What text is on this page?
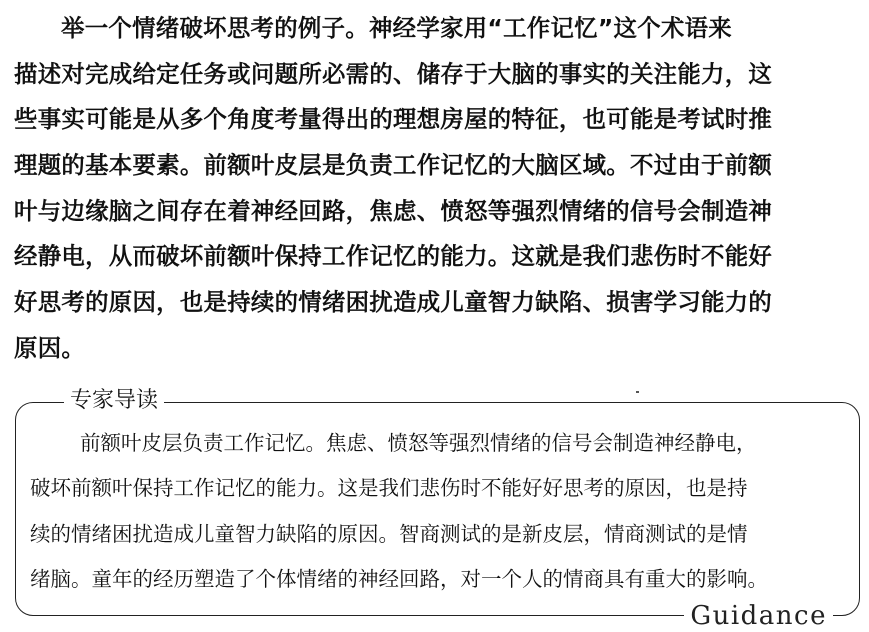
举一个情绪破坏思考的例子。神经学家用“工作记忆”这个术语来
描述对完成给定任务或问题所必需的、储存于大脑的事实的关注能力，这
些事实可能是从多个角度考量得出的理想房屋的特征，也可能是考试时推
理题的基本要素。前额叶皮层是负责工作记忆的大脑区域。不过由于前额
叶与边缘脑之间存在着神经回路，焦虑、愤怒等强烈情绪的信号会制造神
经静电，从而破坏前额叶保持工作记忆的能力。这就是我们悲伤时不能好
好思考的原因，也是持续的情绪困扰造成儿童智力缺陷、损害学习能力的
原因。
专家导读
前额叶皮层负责工作记忆。焦虑、愤怒等强烈情绪的信号会制造神经静电，
破坏前额叶保持工作记忆的能力。这是我们悲伤时不能好好思考的原因，也是持
续的情绪困扰造成儿童智力缺陷的原因。智商测试的是新皮层，情商测试的是情
绪脑。童年的经历塑造了个体情绪的神经回路，对一个人的情商具有重大的影响。
Guidance
